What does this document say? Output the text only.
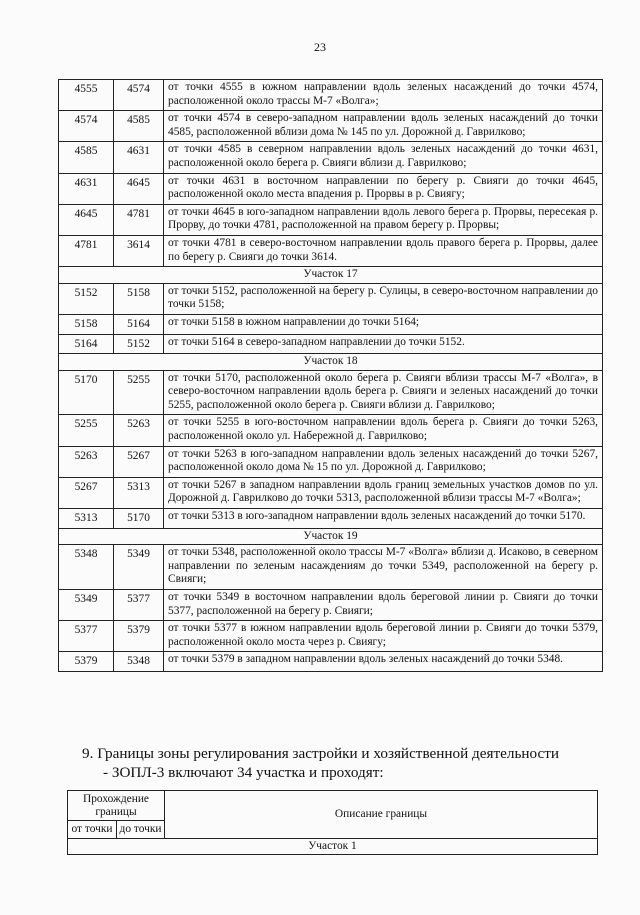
23
4555	4574	от точки 4555 в южном направлении вдоль зеленых насаждений до точки 4574, расположенной около трассы М-7 «Волга»;
4574	4585	от точки 4574 в северо-западном направлении вдоль зеленых насаждений до точки 4585, расположенной вблизи дома № 145 по ул. Дорожной д. Гаврилково;
4585	4631	от точки 4585 в северном направлении вдоль зеленых насаждений до точки 4631, расположенной около берега р. Свияги вблизи д. Гаврилково;
4631	4645	от точки 4631 в восточном направлении по берегу р. Свияги до точки 4645, расположенной около места впадения р. Прорвы в р. Свиягу;
4645	4781	от точки 4645 в юго-западном направлении вдоль левого берега р. Прорвы, пересекая р. Прорву, до точки 4781, расположенной на правом берегу р. Прорвы;
4781	3614	от точки 4781 в северо-восточном направлении вдоль правого берега р. Прорвы, далее по берегу р. Свияги до точки 3614.
Участок 17		
5152	5158	от точки 5152, расположенной на берегу р. Сулицы, в северо-восточном направлении до точки 5158;
5158	5164	от точки 5158 в южном направлении до точки 5164;
5164	5152	от точки 5164 в северо-западном направлении до точки 5152.
Участок 18		
5170	5255	от точки 5170, расположенной около берега р. Свияги вблизи трассы М-7 «Волга», в северо-восточном направлении вдоль берега р. Свияги и зеленых насаждений до точки 5255, расположенной около берега р. Свияги вблизи д. Гаврилково;
5255	5263	от точки 5255 в юго-восточном направлении вдоль берега р. Свияги до точки 5263, расположенной около ул. Набережной д. Гаврилково;
5263	5267	от точки 5263 в юго-западном направлении вдоль зеленых насаждений до точки 5267, расположенной около дома № 15 по ул. Дорожной д. Гаврилково;
5267	5313	от точки 5267 в западном направлении вдоль границ земельных участков домов по ул. Дорожной д. Гаврилково до точки 5313, расположенной вблизи трассы М-7 «Волга»;
5313	5170	от точки 5313 в юго-западном направлении вдоль зеленых насаждений до точки 5170.
Участок 19		
5348	5349	от точки 5348, расположенной около трассы М-7 «Волга» вблизи д. Исаково, в северном направлении по зеленым насаждениям до точки 5349, расположенной на берегу р. Свияги;
5349	5377	от точки 5349 в восточном направлении вдоль береговой линии р. Свияги до точки 5377, расположенной на берегу р. Свияги;
5377	5379	от точки 5377 в южном направлении вдоль береговой линии р. Свияги до точки 5379, расположенной около моста через р. Свиягу;
5379	5348	от точки 5379 в западном направлении вдоль зеленых насаждений до точки 5348.
9. Границы зоны регулирования застройки и хозяйственной деятельности
- ЗОПЛ-3 включают 34 участка и проходят:
Прохождение границы		Описание границы
от точки	до точки	
Участок 1		
